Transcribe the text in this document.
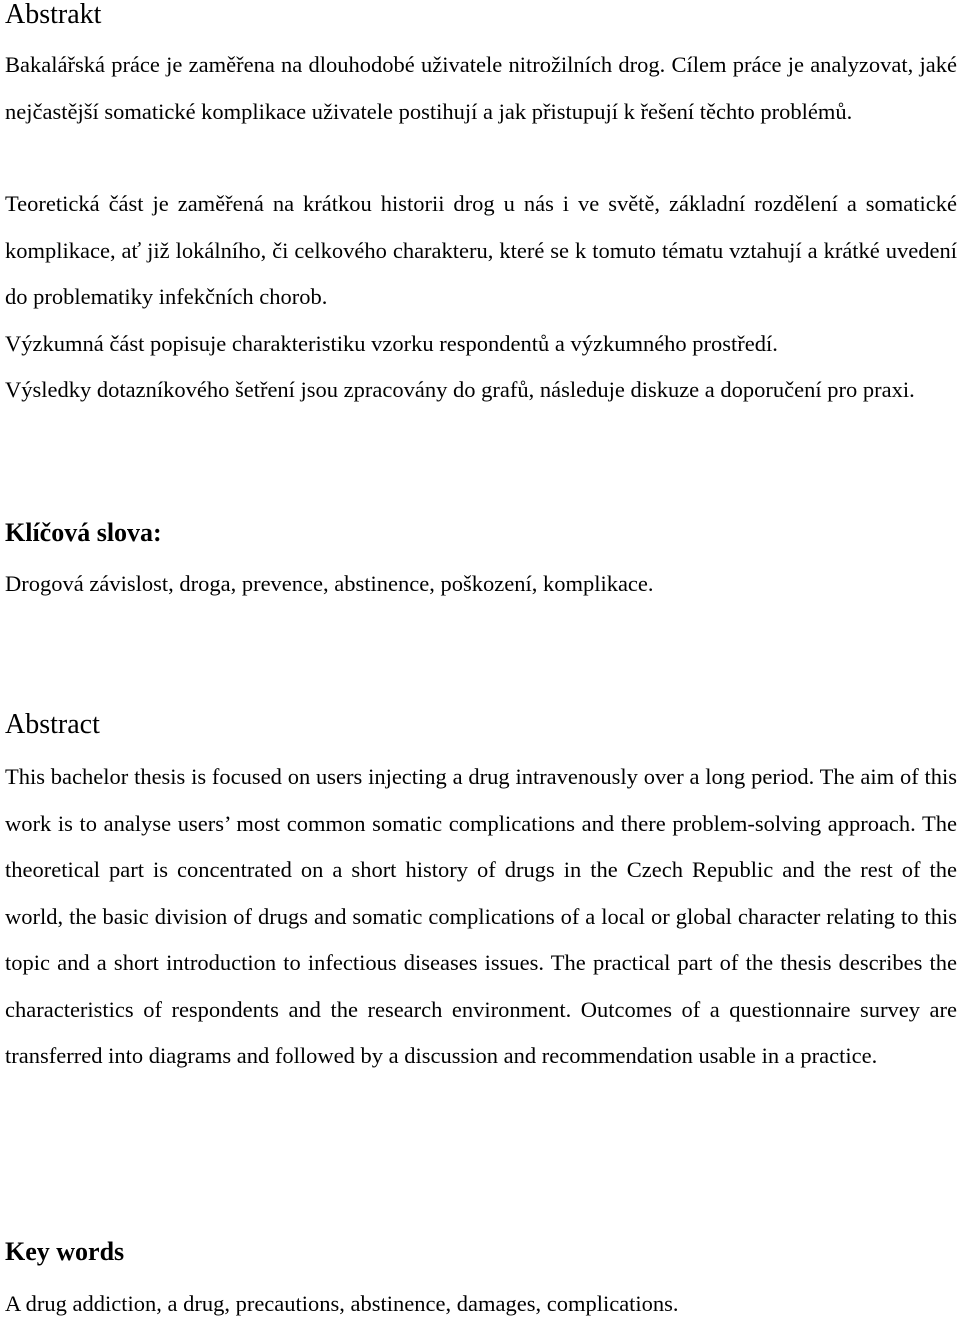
Abstrakt

Bakalářská práce je zaměřena na dlouhodobé uživatele nitrožilních drog. Cílem práce je analyzovat, jaké nejčastější somatické komplikace uživatele postihují a jak přistupují k řešení těchto problémů.

Teoretická část je zaměřená na krátkou historii drog u nás i ve světě, základní rozdělení a somatické komplikace, ať již lokálního, či celkového charakteru, které se k tomuto tématu vztahují a krátké uvedení do problematiky infekčních chorob.

Výzkumná část popisuje charakteristiku vzorku respondentů a výzkumného prostředí.

Výsledky dotazníkového šetření jsou zpracovány do grafů, následuje diskuze a doporučení pro praxi.

Klíčová slova:

Drogová závislost, droga, prevence, abstinence, poškození, komplikace.

Abstract

This bachelor thesis is focused on users injecting a drug intravenously over a long period. The aim of this work is to analyse users’ most common somatic complications and there problem-solving approach. The theoretical part is concentrated on a short history of drugs in the Czech Republic and the rest of the world, the basic division of drugs and somatic complications of a local or global character relating to this topic and a short introduction to infectious diseases issues. The practical part of the thesis describes the characteristics of respondents and the research environment. Outcomes of a questionnaire survey are transferred into diagrams and followed by a discussion and recommendation usable in a practice.

Key words

A drug addiction, a drug, precautions, abstinence, damages, complications.
